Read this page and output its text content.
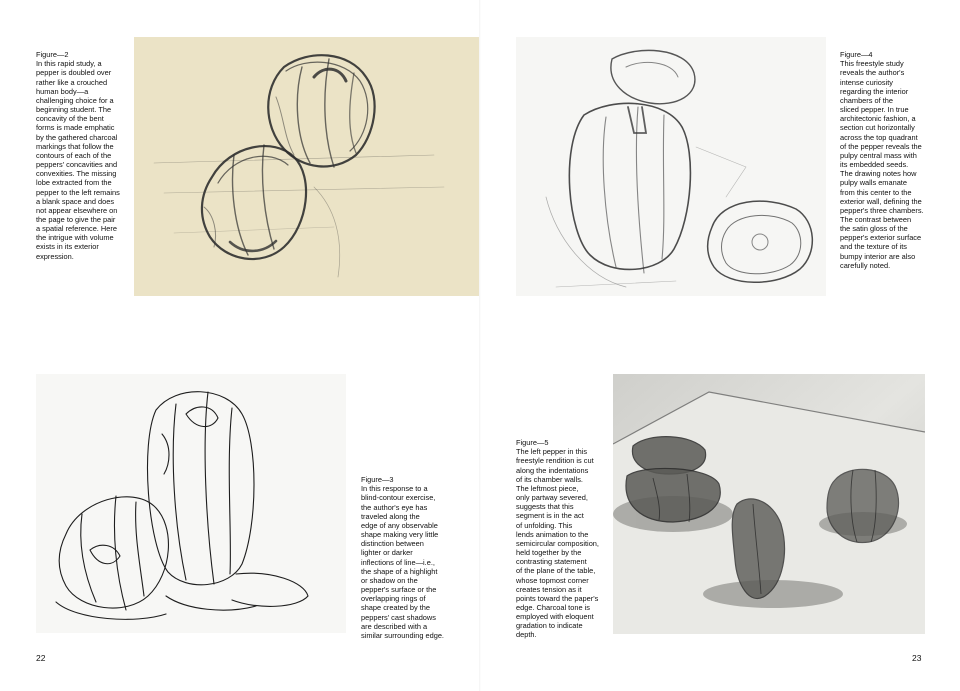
Figure—2
In this rapid study, a
pepper is doubled over
rather like a crouched
human body—a
challenging choice for a
beginning student. The
concavity of the bent
forms is made emphatic
by the gathered charcoal
markings that follow the
contours of each of the
peppers' concavities and
convexities. The missing
lobe extracted from the
pepper to the left remains
a blank space and does
not appear elsewhere on
the page to give the pair
a spatial reference. Here
the intrigue with volume
exists in its exterior
expression.

Figure—4
This freestyle study
reveals the author's
intense curiosity
regarding the interior
chambers of the
sliced pepper. In true
architectonic fashion, a
section cut horizontally
across the top quadrant
of the pepper reveals the
pulpy central mass with
its embedded seeds.
The drawing notes how
pulpy walls emanate
from this center to the
exterior wall, defining the
pepper's three chambers.
The contrast between
the satin gloss of the
pepper's exterior surface
and the texture of its
bumpy interior are also
carefully noted.

Figure—3
In this response to a
blind-contour exercise,
the author's eye has
traveled along the
edge of any observable
shape making very little
distinction between
lighter or darker
inflections of line—i.e.,
the shape of a highlight
or shadow on the
pepper's surface or the
overlapping rings of
shape created by the
peppers' cast shadows
are described with a
similar surrounding edge.

Figure—5
The left pepper in this
freestyle rendition is cut
along the indentations
of its chamber walls.
The leftmost piece,
only partway severed,
suggests that this
segment is in the act
of unfolding. This
lends animation to the
semicircular composition,
held together by the
contrasting statement
of the plane of the table,
whose topmost corner
creates tension as it
points toward the paper's
edge. Charcoal tone is
employed with eloquent
gradation to indicate
depth.

22	23
